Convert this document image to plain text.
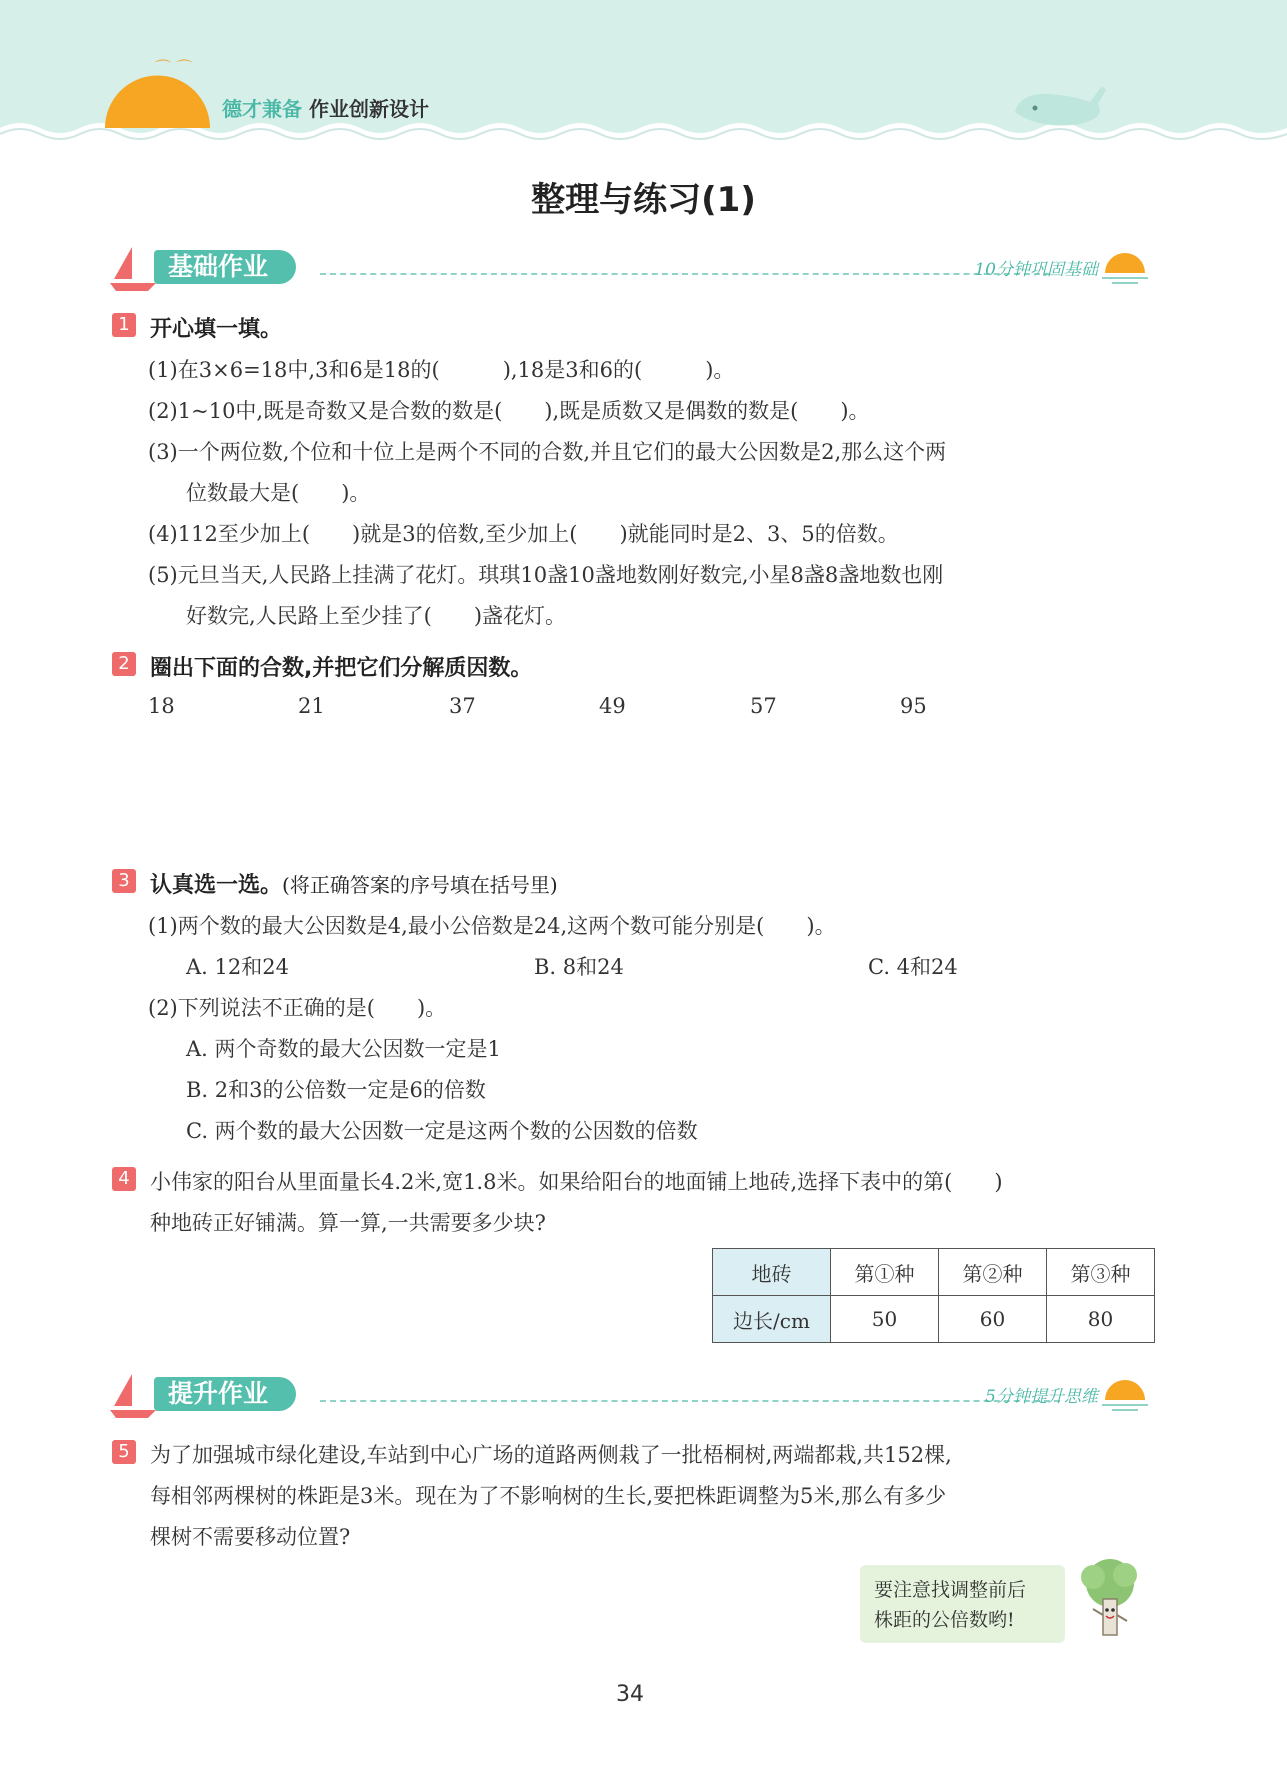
⌒ ⌒
德才兼备 作业创新设计
整理与练习(1)
基础作业	10分钟巩固基础
1 开心填一填。
(1)在3×6=18中,3和6是18的(　　　),18是3和6的(　　　)。
(2)1~10中,既是奇数又是合数的数是(　　),既是质数又是偶数的数是(　　)。
(3)一个两位数,个位和十位上是两个不同的合数,并且它们的最大公因数是2,那么这个两
位数最大是(　　)。
(4)112至少加上(　　)就是3的倍数,至少加上(　　)就能同时是2、3、5的倍数。
(5)元旦当天,人民路上挂满了花灯。琪琪10盏10盏地数刚好数完,小星8盏8盏地数也刚
好数完,人民路上至少挂了(　　)盏花灯。
2 圈出下面的合数,并把它们分解质因数。
18	21	37	49	57	95
3 认真选一选。(将正确答案的序号填在括号里)
(1)两个数的最大公因数是4,最小公倍数是24,这两个数可能分别是(　　)。
A. 12和24	B. 8和24	C. 4和24
(2)下列说法不正确的是(　　)。
A. 两个奇数的最大公因数一定是1
B. 2和3的公倍数一定是6的倍数
C. 两个数的最大公因数一定是这两个数的公因数的倍数
4 小伟家的阳台从里面量长4.2米,宽1.8米。如果给阳台的地面铺上地砖,选择下表中的第(　　)
种地砖正好铺满。算一算,一共需要多少块?
地砖	第①种	第②种	第③种
边长/cm	50	60	80
提升作业	5分钟提升思维
5 为了加强城市绿化建设,车站到中心广场的道路两侧栽了一批梧桐树,两端都栽,共152棵,
每相邻两棵树的株距是3米。现在为了不影响树的生长,要把株距调整为5米,那么有多少
棵树不需要移动位置?
要注意找调整前后
株距的公倍数哟!
34
